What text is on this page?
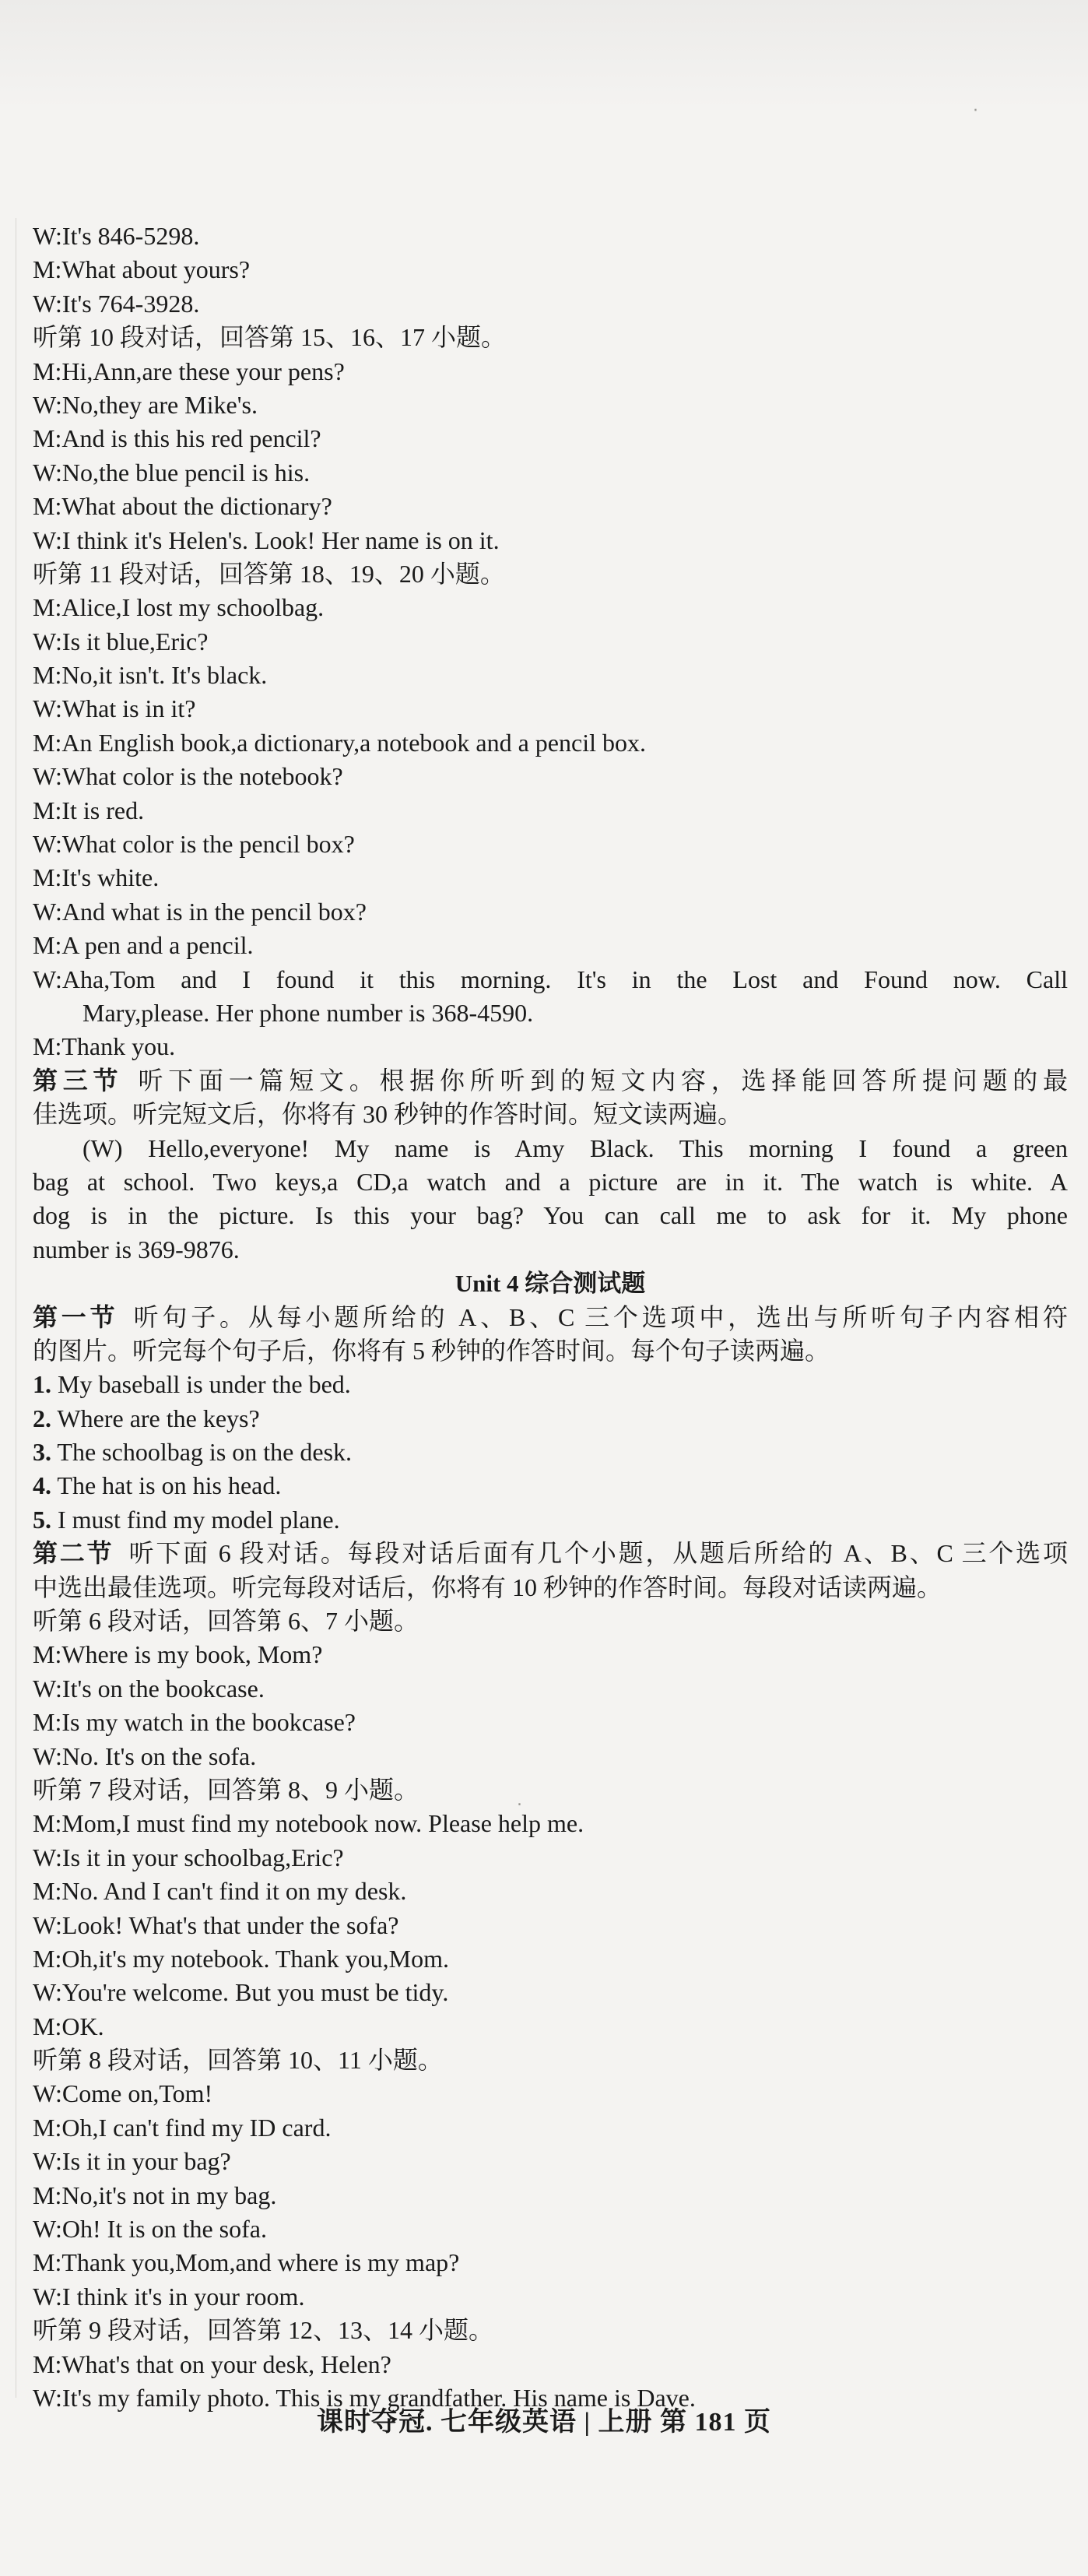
·
.
W:It's 846-5298.
M:What about yours?
W:It's 764-3928.
听第 10 段对话，回答第 15、16、17 小题。
M:Hi,Ann,are these your pens?
W:No,they are Mike's.
M:And is this his red pencil?
W:No,the blue pencil is his.
M:What about the dictionary?
W:I think it's Helen's. Look! Her name is on it.
听第 11 段对话，回答第 18、19、20 小题。
M:Alice,I lost my schoolbag.
W:Is it blue,Eric?
M:No,it isn't. It's black.
W:What is in it?
M:An English book,a dictionary,a notebook and a pencil box.
W:What color is the notebook?
M:It is red.
W:What color is the pencil box?
M:It's white.
W:And what is in the pencil box?
M:A pen and a pencil.
W:Aha,Tom and I found it this morning. It's in the Lost and Found now. Call
Mary,please. Her phone number is 368-4590.
M:Thank you.
第三节 听下面一篇短文。根据你所听到的短文内容，选择能回答所提问题的最
佳选项。听完短文后，你将有 30 秒钟的作答时间。短文读两遍。
(W) Hello,everyone! My name is Amy Black. This morning I found a green
bag at school. Two keys,a CD,a watch and a picture are in it. The watch is white. A
dog is in the picture. Is this your bag? You can call me to ask for it. My phone
number is 369-9876.
Unit 4 综合测试题
第一节 听句子。从每小题所给的 A、B、C 三个选项中，选出与所听句子内容相符
的图片。听完每个句子后，你将有 5 秒钟的作答时间。每个句子读两遍。
1. My baseball is under the bed.
2. Where are the keys?
3. The schoolbag is on the desk.
4. The hat is on his head.
5. I must find my model plane.
第二节 听下面 6 段对话。每段对话后面有几个小题，从题后所给的 A、B、C 三个选项
中选出最佳选项。听完每段对话后，你将有 10 秒钟的作答时间。每段对话读两遍。
听第 6 段对话，回答第 6、7 小题。
M:Where is my book, Mom?
W:It's on the bookcase.
M:Is my watch in the bookcase?
W:No. It's on the sofa.
听第 7 段对话，回答第 8、9 小题。
M:Mom,I must find my notebook now. Please help me.
W:Is it in your schoolbag,Eric?
M:No. And I can't find it on my desk.
W:Look! What's that under the sofa?
M:Oh,it's my notebook. Thank you,Mom.
W:You're welcome. But you must be tidy.
M:OK.
听第 8 段对话，回答第 10、11 小题。
W:Come on,Tom!
M:Oh,I can't find my ID card.
W:Is it in your bag?
M:No,it's not in my bag.
W:Oh! It is on the sofa.
M:Thank you,Mom,and where is my map?
W:I think it's in your room.
听第 9 段对话，回答第 12、13、14 小题。
M:What's that on your desk, Helen?
W:It's my family photo. This is my grandfather. His name is Dave.
课时夺冠. 七年级英语 | 上册 第 181 页
